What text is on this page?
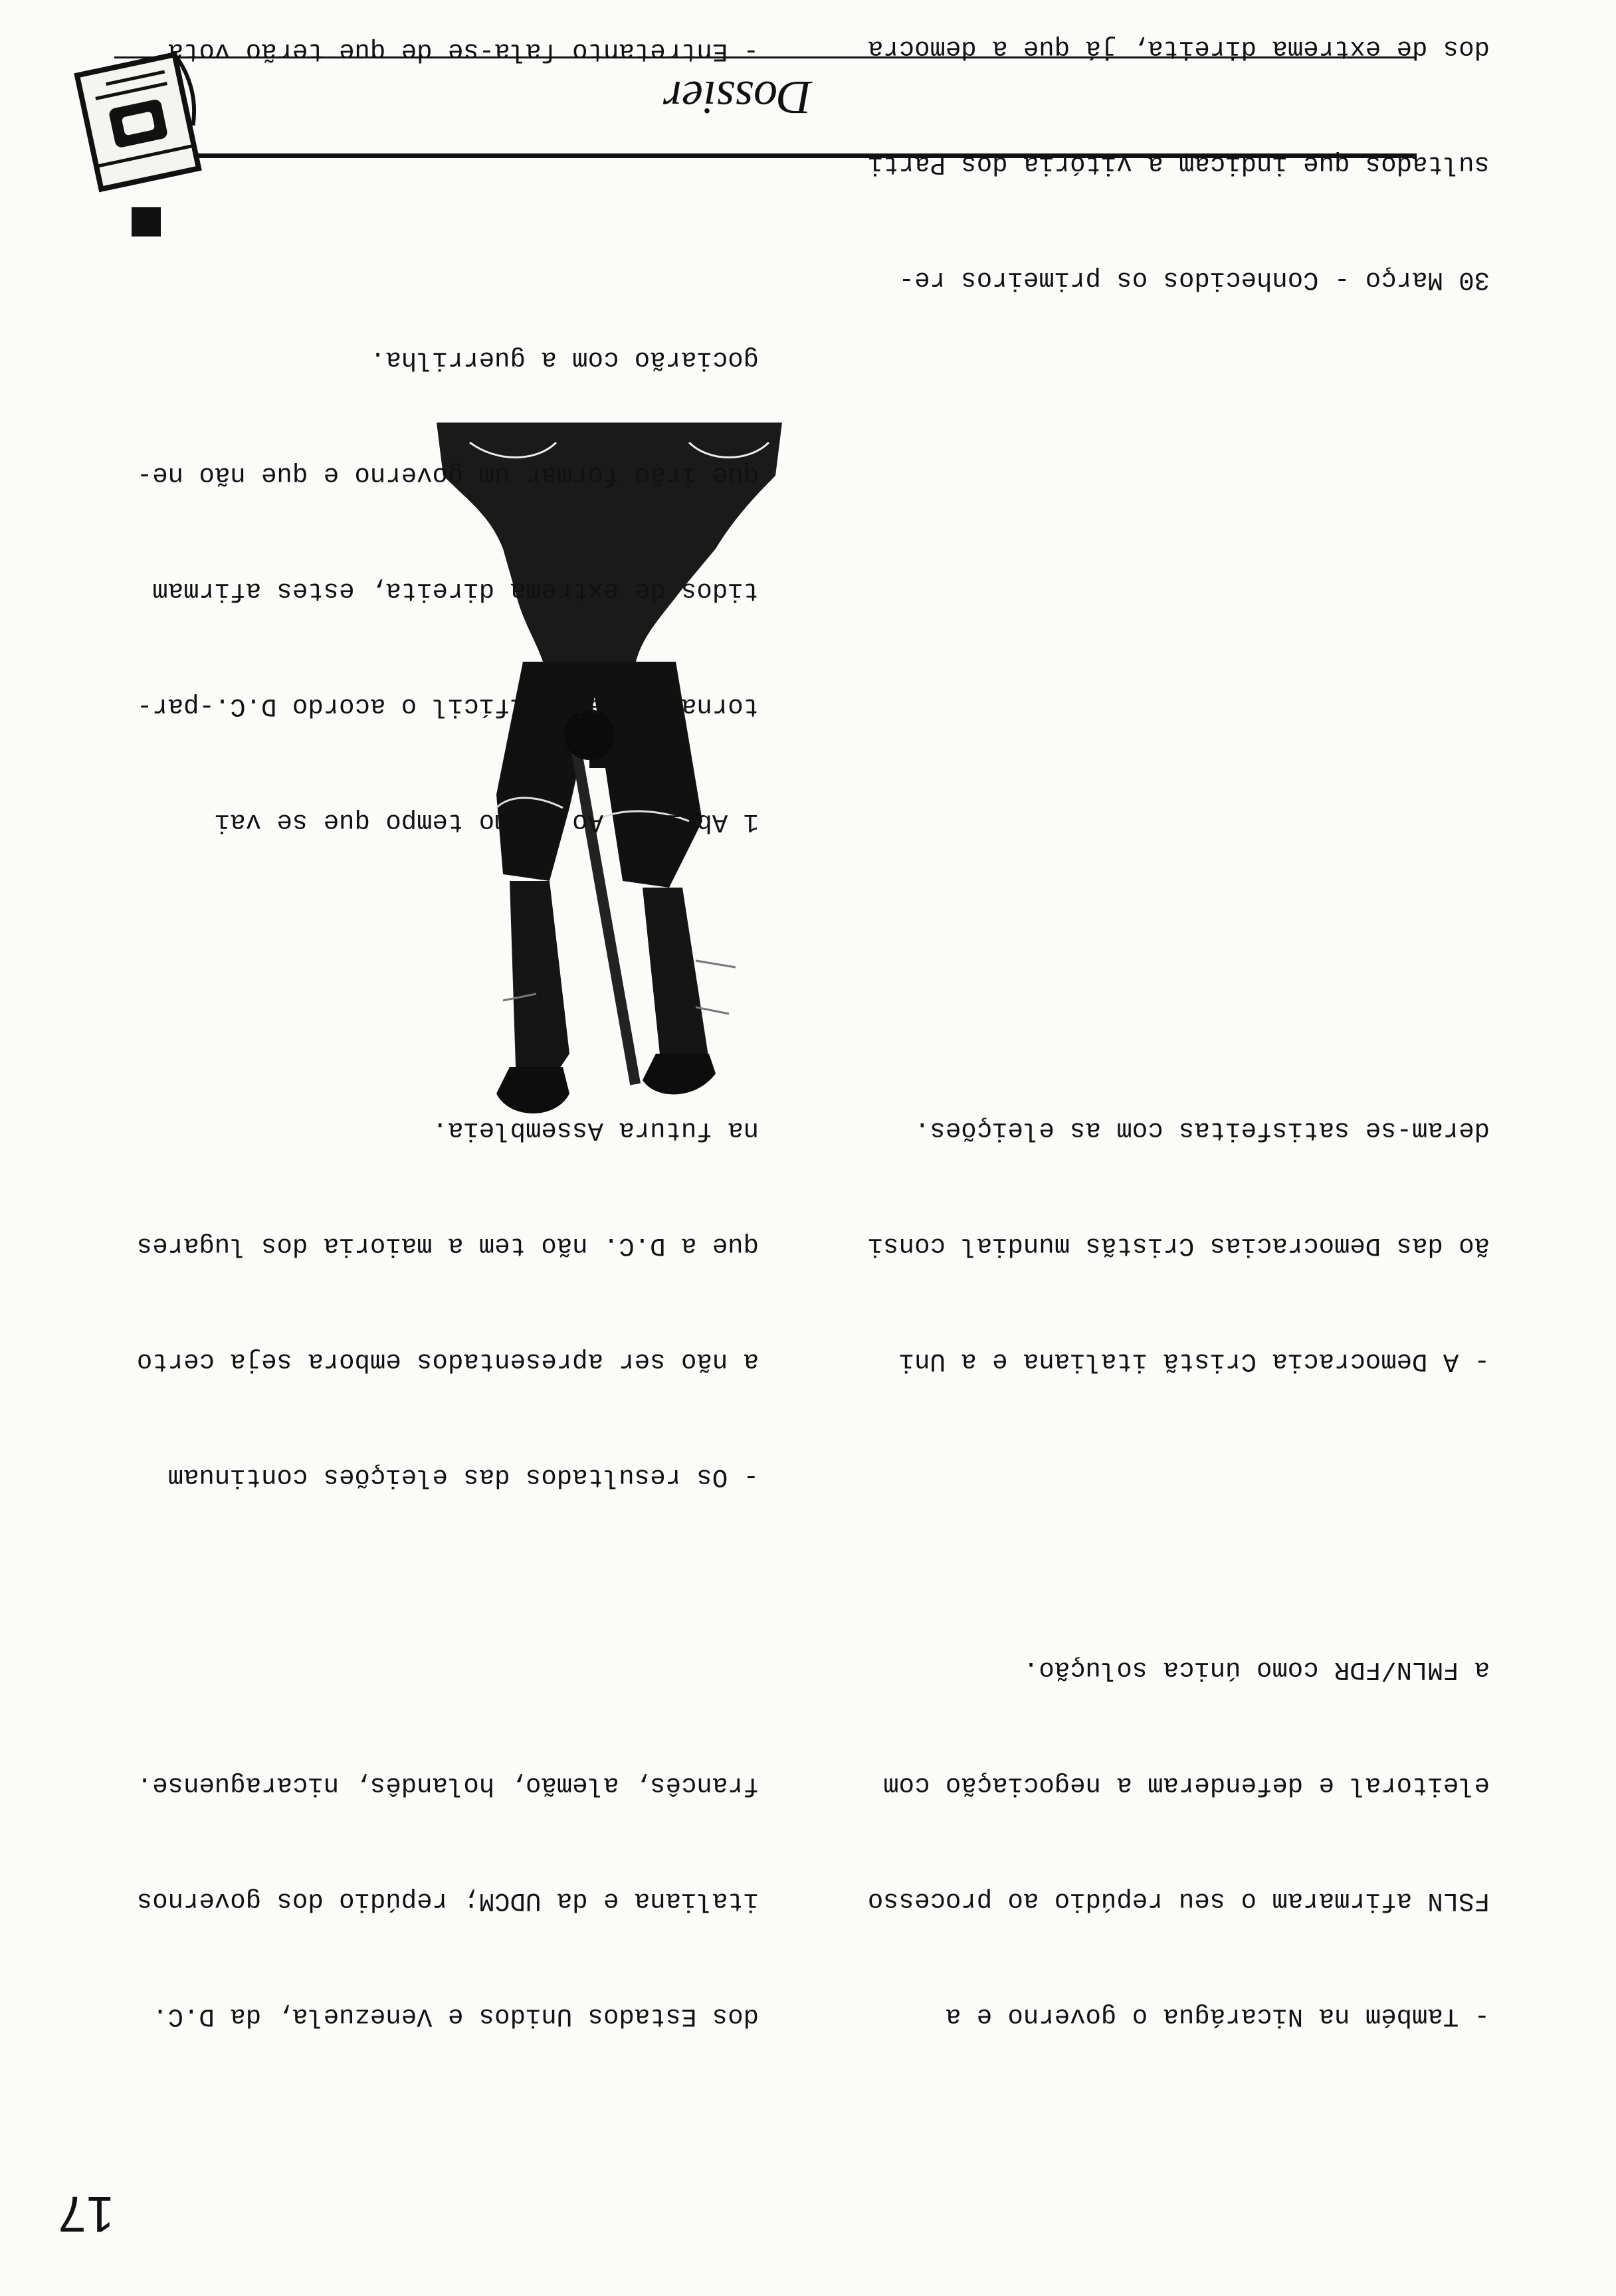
Dossier
17

- Também na Nicarágua o governo e a

FSLN afirmaram o seu repúdio ao processo

eleitoral e defenderam a negociação com

a FMLN/FDR como única solução.

- A Democracia Cristã italiana e a Uni

ão das Democracias Cristãs mundial consi

deram-se satisfeitas com as eleições.

30 Março - Conhecidos os primeiros re-

sultados que indicam a vitória dos Parti

dos de extrema direita, já que a democra

dos Estados Unidos e Venezuela, da D.C.

italiana e da UDCM; repúdio dos governos

francês, alemão, holandês, nicaraguense.

- Os resultados das eleições continuam

a não ser apresentados embora seja certo

que a D.C. não tem a maioria dos lugares

na futura Assembleia.

1 Abril - Ao mesmo tempo que se vai

tornando mais difícil o acordo D.C.-par-

tidos de extrema direita, estes afirmam

que irão formar um governo e que não ne-

gociarão com a guerrilha.

- Entretanto fala-se de que terão vota
